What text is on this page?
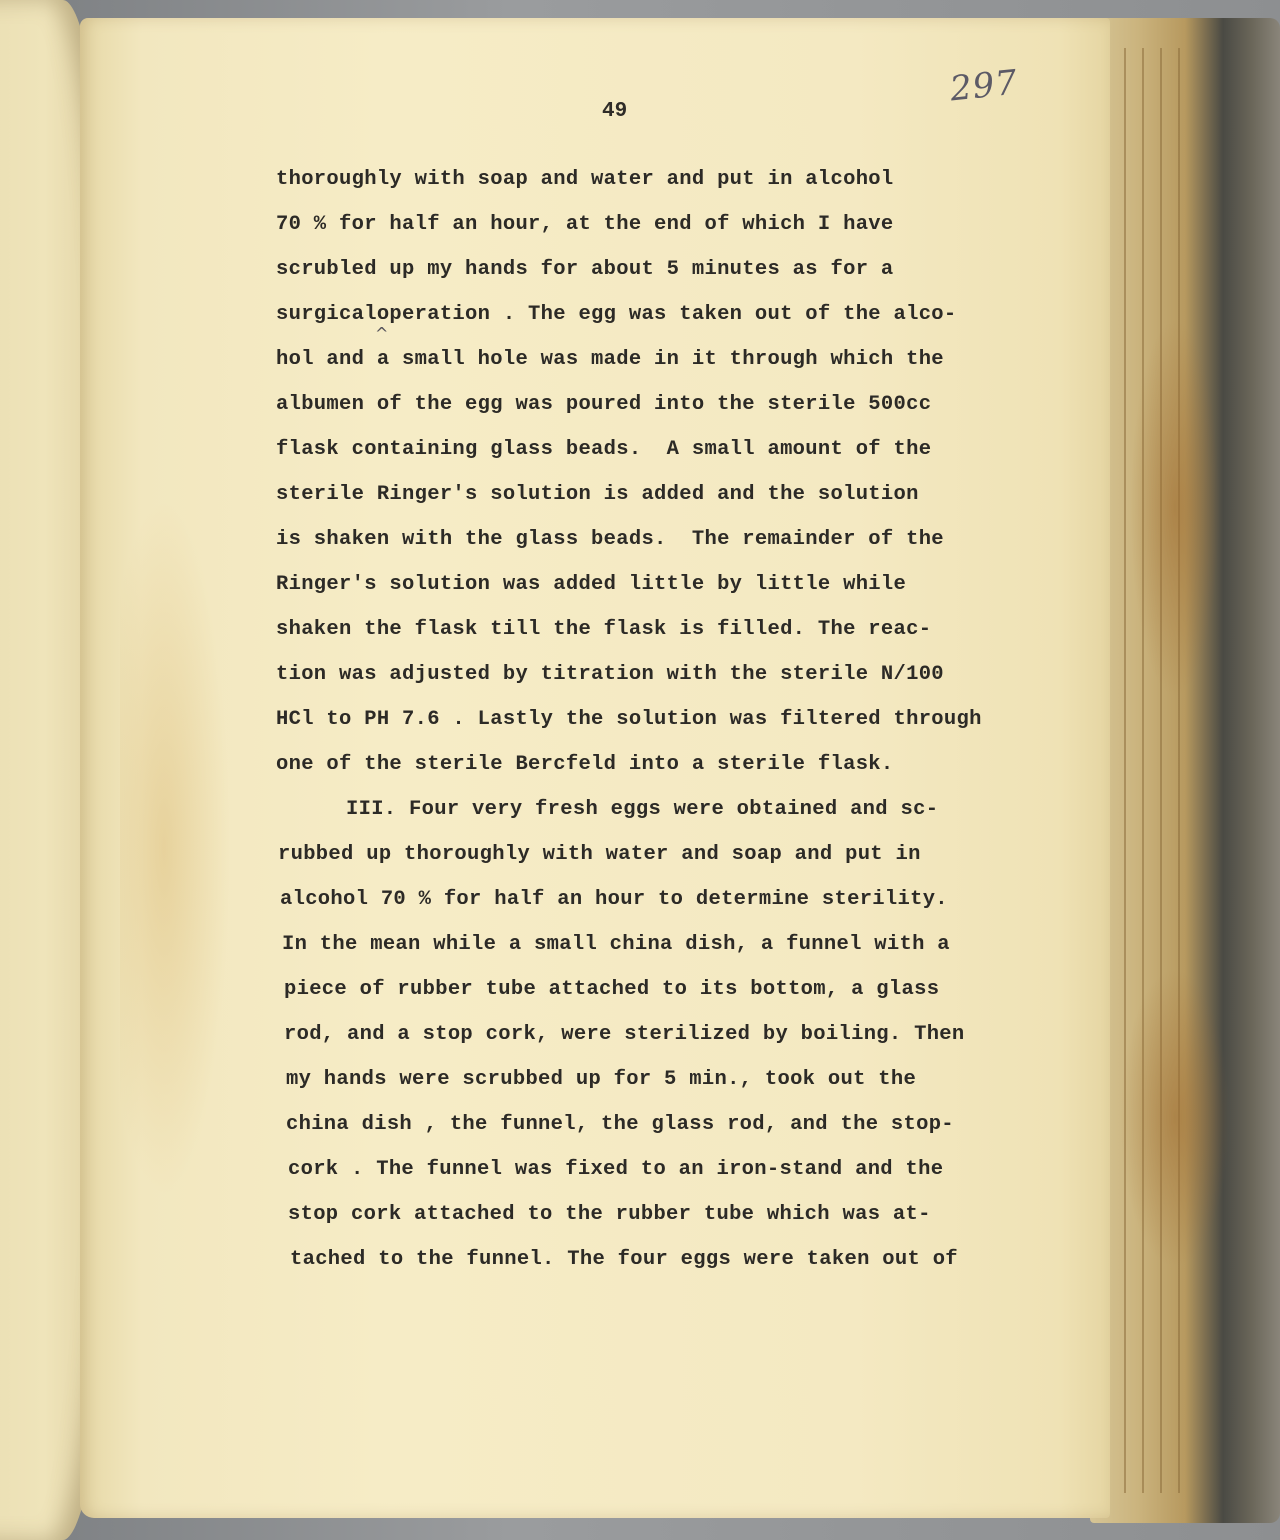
297
49
^
thoroughly with soap and water and put in alcohol
70 % for half an hour, at the end of which I have
scrubled up my hands for about 5 minutes as for a
surgicaloperation . The egg was taken out of the alco-
hol and a small hole was made in it through which the
albumen of the egg was poured into the sterile 500cc
flask containing glass beads.  A small amount of the
sterile Ringer's solution is added and the solution
is shaken with the glass beads.  The remainder of the
Ringer's solution was added little by little while
shaken the flask till the flask is filled. The reac-
tion was adjusted by titration with the sterile N/100
HCl to PH 7.6 . Lastly the solution was filtered through
one of the sterile Bercfeld into a sterile flask.
III. Four very fresh eggs were obtained and sc-
rubbed up thoroughly with water and soap and put in
alcohol 70 % for half an hour to determine sterility.
In the mean while a small china dish, a funnel with a
piece of rubber tube attached to its bottom, a glass
rod, and a stop cork, were sterilized by boiling. Then
my hands were scrubbed up for 5 min., took out the
china dish , the funnel, the glass rod, and the stop-
cork . The funnel was fixed to an iron-stand and the
stop cork attached to the rubber tube which was at-
tached to the funnel. The four eggs were taken out of
